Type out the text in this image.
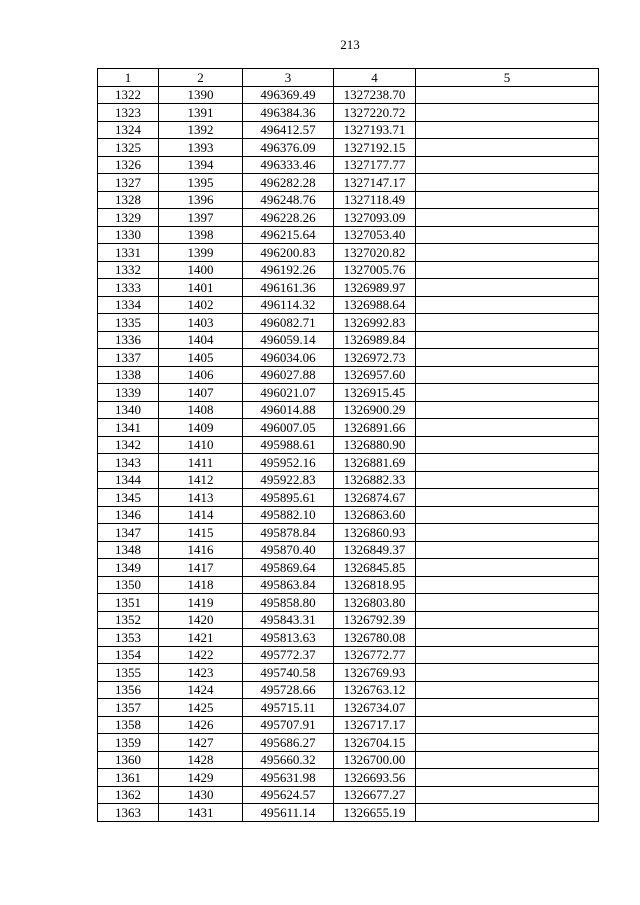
213
1	2	3	4	5
1322	1390	496369.49	1327238.70	
1323	1391	496384.36	1327220.72	
1324	1392	496412.57	1327193.71	
1325	1393	496376.09	1327192.15	
1326	1394	496333.46	1327177.77	
1327	1395	496282.28	1327147.17	
1328	1396	496248.76	1327118.49	
1329	1397	496228.26	1327093.09	
1330	1398	496215.64	1327053.40	
1331	1399	496200.83	1327020.82	
1332	1400	496192.26	1327005.76	
1333	1401	496161.36	1326989.97	
1334	1402	496114.32	1326988.64	
1335	1403	496082.71	1326992.83	
1336	1404	496059.14	1326989.84	
1337	1405	496034.06	1326972.73	
1338	1406	496027.88	1326957.60	
1339	1407	496021.07	1326915.45	
1340	1408	496014.88	1326900.29	
1341	1409	496007.05	1326891.66	
1342	1410	495988.61	1326880.90	
1343	1411	495952.16	1326881.69	
1344	1412	495922.83	1326882.33	
1345	1413	495895.61	1326874.67	
1346	1414	495882.10	1326863.60	
1347	1415	495878.84	1326860.93	
1348	1416	495870.40	1326849.37	
1349	1417	495869.64	1326845.85	
1350	1418	495863.84	1326818.95	
1351	1419	495858.80	1326803.80	
1352	1420	495843.31	1326792.39	
1353	1421	495813.63	1326780.08	
1354	1422	495772.37	1326772.77	
1355	1423	495740.58	1326769.93	
1356	1424	495728.66	1326763.12	
1357	1425	495715.11	1326734.07	
1358	1426	495707.91	1326717.17	
1359	1427	495686.27	1326704.15	
1360	1428	495660.32	1326700.00	
1361	1429	495631.98	1326693.56	
1362	1430	495624.57	1326677.27	
1363	1431	495611.14	1326655.19	
